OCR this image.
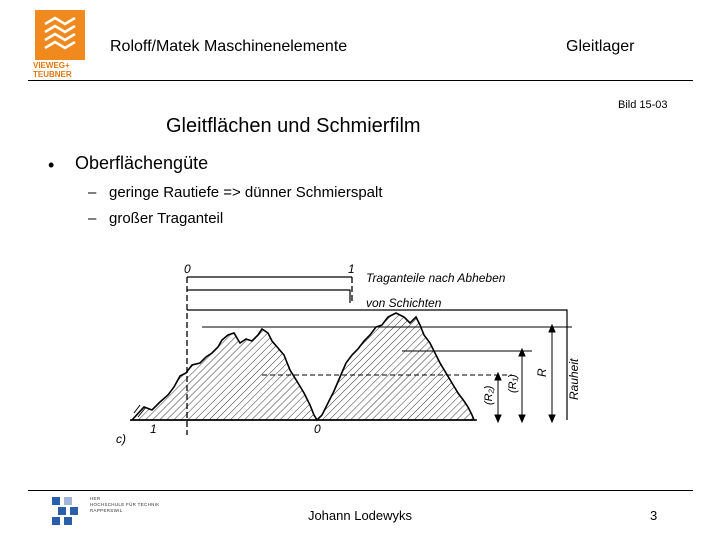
VIEWEG+
TEUBNER
Roloff/Matek Maschinenelemente	Gleitlager
Bild 15-03
Gleitflächen und Schmierfilm
• Oberflächengüte
– geringe Rautiefe => dünner Schmierspalt
– großer Traganteil
0	1
Traganteile nach Abheben
von Schichten
c)
1	0
(R₂)
(R₁)
R Rauheit
HER
HOCHSCHULE FÜR TECHNIK
RAPPERSWIL	Johann Lodewyks	3
